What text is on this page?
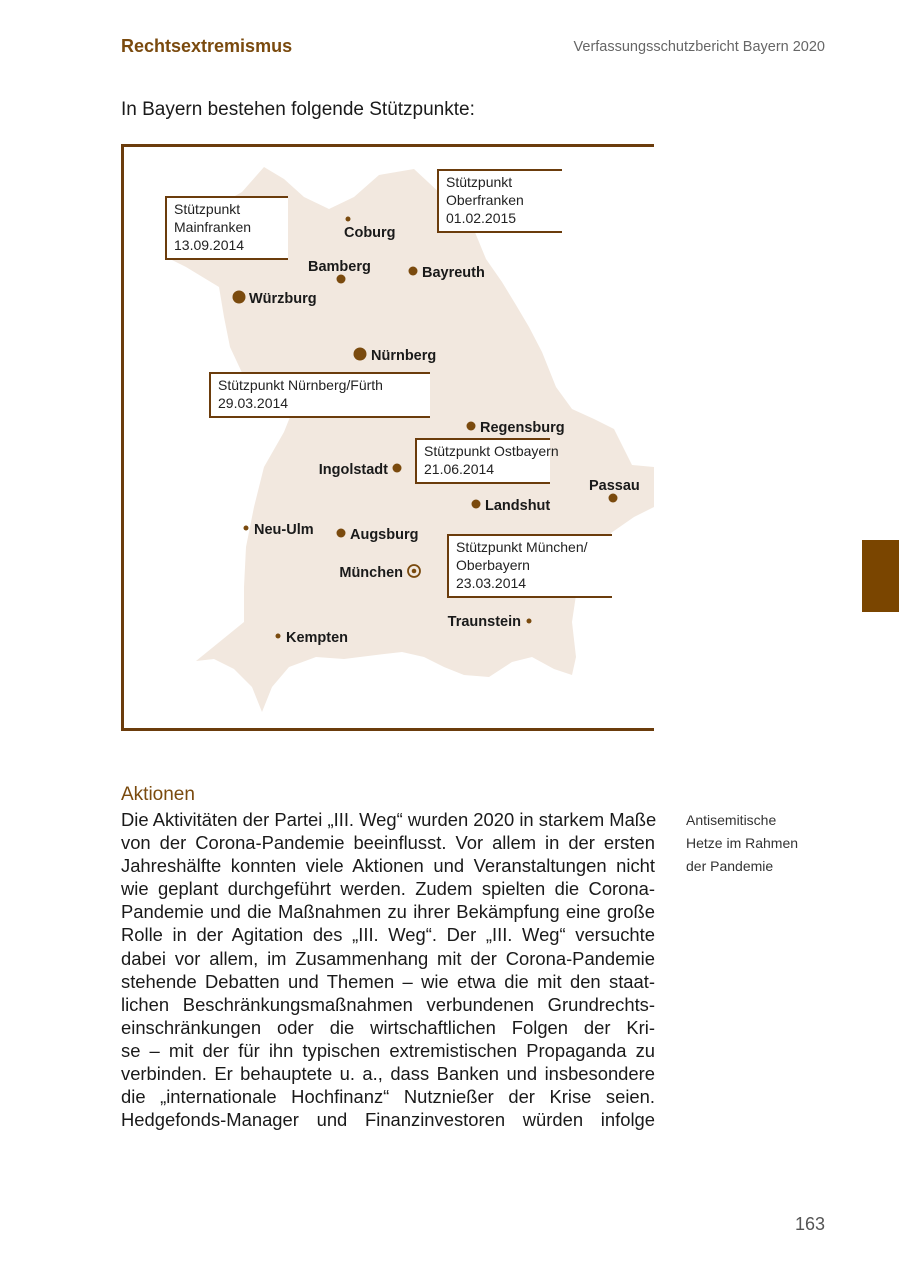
Rechtsextremismus	Verfassungsschutzbericht Bayern 2020
In Bayern bestehen folgende Stützpunkte:
Coburg
Bamberg	Bayreuth
Würzburg
Nürnberg
Regensburg
Ingolstadt
Passau
Landshut
Neu-Ulm	Augsburg
München
Traunstein
Kempten
Stützpunkt
Mainfranken
13.09.2014
Stützpunkt
Oberfranken
01.02.2015
Stützpunkt Nürnberg/Fürth
29.03.2014
Stützpunkt Ostbayern
21.06.2014
Stützpunkt München/
Oberbayern
23.03.2014
Aktionen
Die Aktivitäten der Partei „III. Weg“ wurden 2020 in starkem Maße
von der Corona-Pandemie beeinflusst. Vor allem in der ersten
Jahreshälfte konnten viele Aktionen und Veranstaltungen nicht
wie geplant durchgeführt werden. Zudem spielten die Corona-
Pandemie und die Maßnahmen zu ihrer Bekämpfung eine große
Rolle in der Agitation des „III. Weg“. Der „III. Weg“ versuchte
dabei vor allem, im Zusammenhang mit der Corona-Pandemie
stehende Debatten und Themen – wie etwa die mit den staat-
lichen Beschränkungsmaßnahmen verbundenen Grundrechts-
einschränkungen oder die wirtschaftlichen Folgen der Kri-
se – mit der für ihn typischen extremistischen Propaganda zu
verbinden. Er behauptete u. a., dass Banken und insbesondere
die „internationale Hochfinanz“ Nutznießer der Krise seien.
Hedgefonds-Manager und Finanzinvestoren würden infolge
Antisemitische
Hetze im Rahmen
der Pandemie
163
